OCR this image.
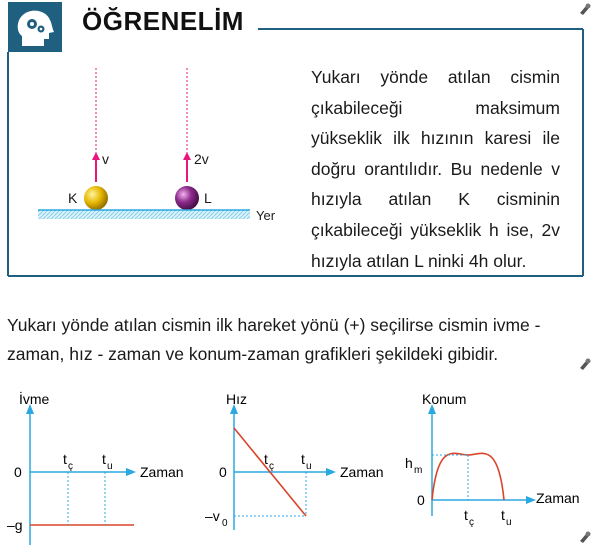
ÖĞRENELİM
v	2v
K	L
Yer
Yukarı yönde atılan cismin çıkabileceği maksimum yükseklik ilk hızının karesi ile doğru orantılıdır. Bu nedenle v hızıyla atılan K cisminin çıkabileceği yükseklik h ise, 2v hızıyla atılan L ninki 4h olur.
Yukarı yönde atılan cismin ilk hareket yönü (+) seçilirse cismin ivme - zaman, hız - zaman ve konum-zaman grafikleri şekildeki gibidir.
İvme
Zaman
0
–g
t ç t u
Hız
Zaman
0
–v 0
t ç t u
Konum
Zaman
0
h m
t ç t u
